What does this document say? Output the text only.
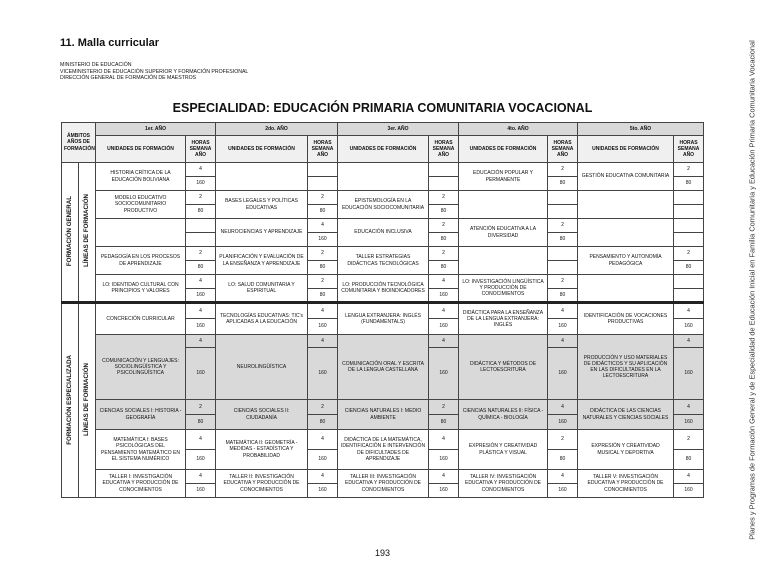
11. Malla curricular
MINISTERIO DE EDUCACIÓN
VICEMINISTERIO DE EDUCACIÓN SUPERIOR Y FORMACIÓN PROFESIONAL
DIRECCIÓN GENERAL DE FORMACIÓN DE MAESTROS
ESPECIALIDAD: EDUCACIÓN PRIMARIA COMUNITARIA VOCACIONAL
ÁMBITOS AÑOS DE FORMACIÓN		1er. AÑO		2do. AÑO		3er. AÑO		4to. AÑO		5to. AÑO	
		UNIDADES DE FORMACIÓN	HORAS SEMANA AÑO	UNIDADES DE FORMACIÓN	HORAS SEMANA AÑO	UNIDADES DE FORMACIÓN	HORAS SEMANA AÑO	UNIDADES DE FORMACIÓN	HORAS SEMANA AÑO	UNIDADES DE FORMACIÓN	HORAS SEMANA AÑO
FORMACIÓN GENERAL	LÍNEAS DE FORMACIÓN	HISTORIA CRÍTICA DE LA EDUCACIÓN BOLIVIANA	4					EDUCACIÓN POPULAR Y PERMANENTE	2	GESTIÓN EDUCATIVA COMUNITARIA	2
			160						80		80
		MODELO EDUCATIVO SOCIOCOMUNITARIO PRODUCTIVO	2	BASES LEGALES Y POLÍTICAS EDUCATIVAS	2	EPISTEMOLOGÍA EN LA EDUCACIÓN SOCIOCOMUNITARIA	2				
			80		80		80				
				NEUROCIENCIAS Y APRENDIZAJE	4	EDUCACIÓN INCLUSIVA	2	ATENCIÓN EDUCATIVA A LA DIVERSIDAD	2		
					160		80		80		
		PEDAGOGÍA EN LOS PROCESOS DE APRENDIZAJE	2	PLANIFICACIÓN Y EVALUACIÓN DE LA ENSEÑANZA Y APRENDIZAJE	2	TALLER ESTRATEGIAS DIDÁCTICAS TECNOLÓGICAS	2			PENSAMIENTO Y AUTONOMÍA PEDAGÓGICA	2
			80		80		80				80
		LO: IDENTIDAD CULTURAL CON PRINCIPIOS Y VALORES	4	LO: SALUD COMUNITARIA Y ESPIRITUAL	2	LO: PRODUCCIÓN TECNOLÓGICA COMUNITARIA Y BIOINDICADORES	4	LO: INVESTIGACIÓN LINGÜÍSTICA Y PRODUCCIÓN DE CONOCIMIENTOS	2		
			160		80		160		80		
FORMACIÓN ESPECIALIZADA	LÍNEAS DE FORMACIÓN	CONCRECIÓN CURRICULAR	4	TECNOLOGÍAS EDUCATIVAS: TIC's APLICADAS A LA EDUCACIÓN	4	LENGUA EXTRANJERA: INGLÉS (FUNDAMENTALS)	4	DIDÁCTICA PARA LA ENSEÑANZA DE LA LENGUA EXTRANJERA: INGLÉS	4	IDENTIFICACIÓN DE VOCACIONES PRODUCTIVAS	4
			160		160		160		160		160
		COMUNICACIÓN Y LENGUAJES: SOCIOLINGÜÍSTICA Y PSICOLINGÜÍSTICA	4	NEUROLINGÜÍSTICA	4	COMUNICACIÓN ORAL Y ESCRITA DE LA LENGUA CASTELLANA	4	DIDÁCTICA Y MÉTODOS DE LECTOESCRITURA	4	PRODUCCIÓN Y USO MATERIALES DE DIDÁCTICOS Y SU APLICACIÓN EN LAS DIFICULTADES EN LA LECTOESCRITURA	4
			160		160		160		160		160
		CIENCIAS SOCIALES I: HISTORIA - GEOGRAFÍA	2	CIENCIAS SOCIALES II: CIUDADANÍA	2	CIENCIAS NATURALES I: MEDIO AMBIENTE	2	CIENCIAS NATURALES II: FÍSICA - QUÍMICA - BIOLOGÍA	4	DIDÁCTICA DE LAS CIENCIAS NATURALES Y CIENCIAS SOCIALES	4
			80		80		80		160		160
		MATEMÁTICA I: BASES PSICOLÓGICAS DEL PENSAMIENTO MATEMÁTICO EN EL SISTEMA NUMÉRICO	4	MATEMÁTICA II: GEOMETRÍA - MEDIDAS - ESTADÍSTICA Y PROBABILIDAD	4	DIDÁCTICA DE LA MATEMÁTICA, IDENTIFICACIÓN E INTERVENCIÓN DE DIFICULTADES DE APRENDIZAJE	4	EXPRESIÓN Y CREATIVIDAD PLÁSTICA Y VISUAL	2	EXPRESIÓN Y CREATIVIDAD MUSICAL Y DEPORTIVA	2
			160		160		160		80		80
		TALLER I: INVESTIGACIÓN EDUCATIVA Y PRODUCCIÓN DE CONOCIMIENTOS	4	TALLER II: INVESTIGACIÓN EDUCATIVA Y PRODUCCIÓN DE CONOCIMIENTOS	4	TALLER III: INVESTIGACIÓN EDUCATIVA Y PRODUCCIÓN DE CONOCIMIENTOS	4	TALLER IV: INVESTIGACIÓN EDUCATIVA Y PRODUCCIÓN DE CONOCIMIENTOS	4	TALLER V: INVESTIGACIÓN EDUCATIVA Y PRODUCCIÓN DE CONOCIMIENTOS	4
			160		160		160		160		160	Planes y Programas de Formación General y de Especialidad de Educación Inicial en Familia Comunitaria y Educación Primaria Comunitaria Vocacional
193
